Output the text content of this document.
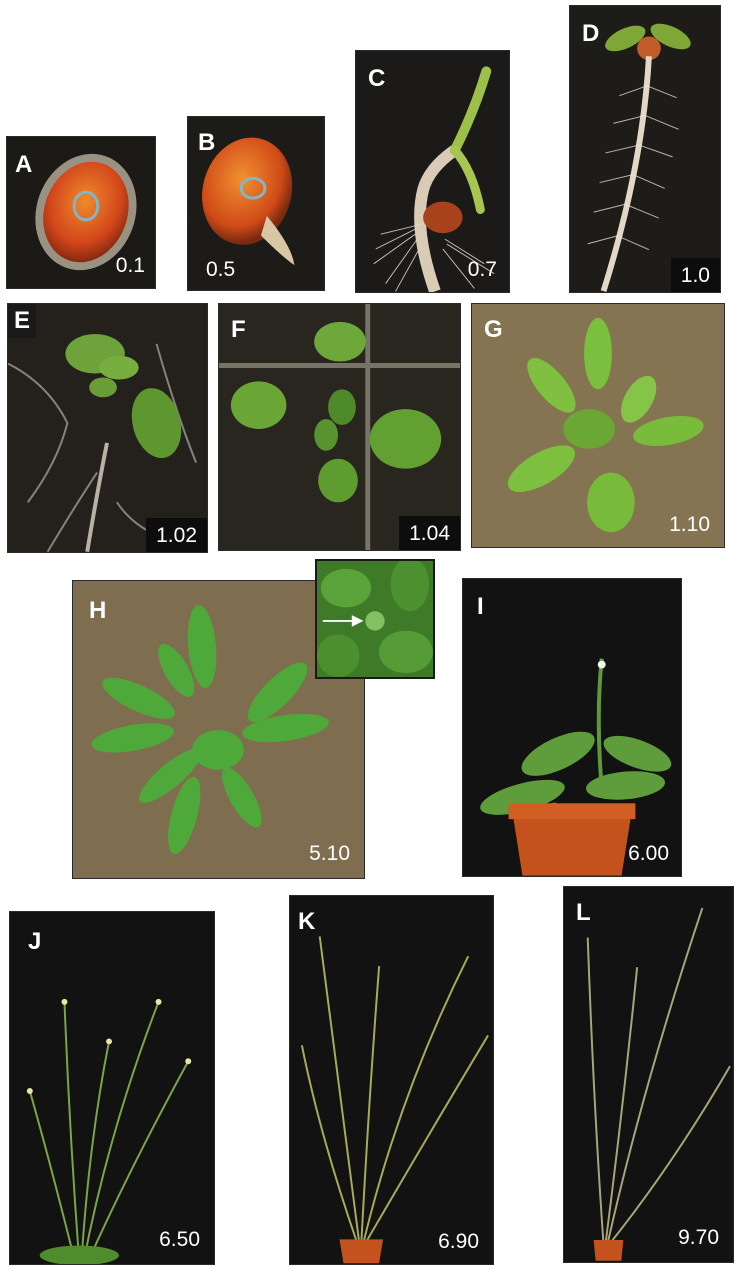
A
0.1
B
0.5
C
0.7
D
1.0
E
1.02
F
1.04
G
1.10
H
5.10
I
6.00
J
6.50
K
6.90
L
9.70
